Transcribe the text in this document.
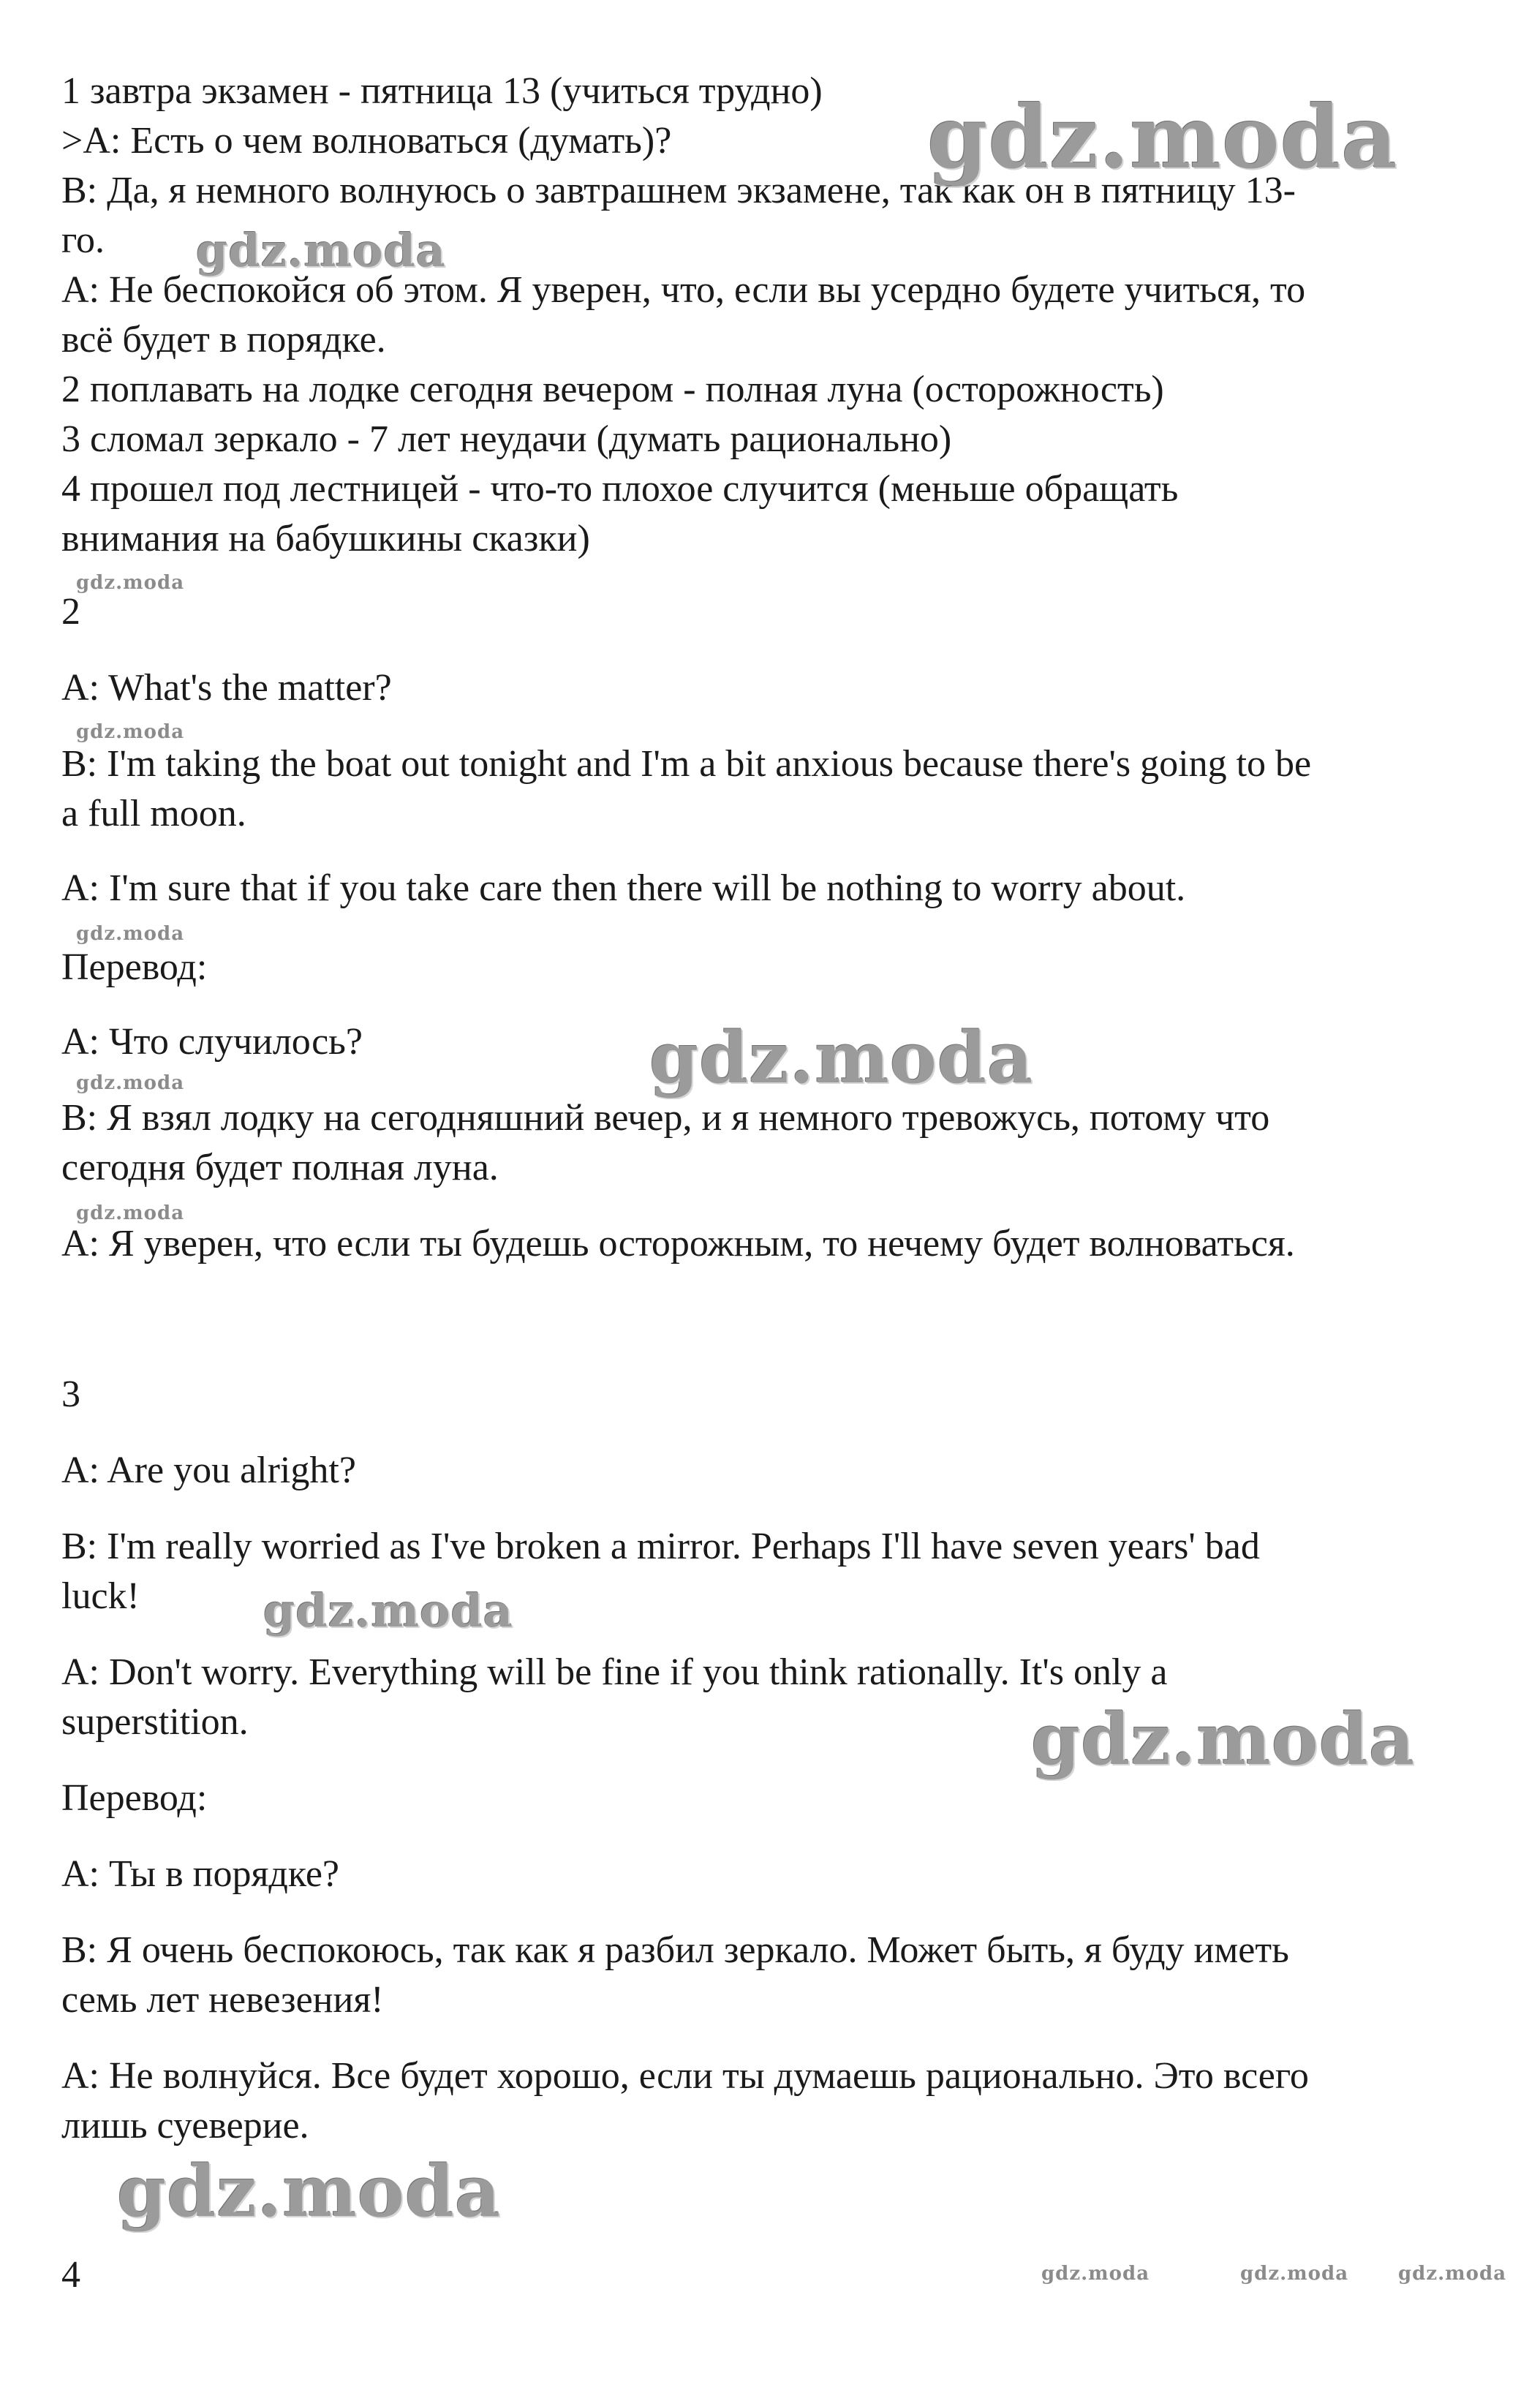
1 завтра экзамен - пятница 13 (учиться трудно)
>А: Есть о чем волноваться (думать)?
В: Да, я немного волнуюсь о завтрашнем экзамене, так как он в пятницу 13-
го.
А: Не беспокойся об этом. Я уверен, что, если вы усердно будете учиться, то
всё будет в порядке.
2 поплавать на лодке сегодня вечером - полная луна (осторожность)
3 сломал зеркало - 7 лет неудачи (думать рационально)
4 прошел под лестницей - что-то плохое случится (меньше обращать
внимания на бабушкины сказки)
2
A: What's the matter?
B: I'm taking the boat out tonight and I'm a bit anxious because there's going to be
a full moon.
A: I'm sure that if you take care then there will be nothing to worry about.
Перевод:
А: Что случилось?
В: Я взял лодку на сегодняшний вечер, и я немного тревожусь, потому что
сегодня будет полная луна.
А: Я уверен, что если ты будешь осторожным, то нечему будет волноваться.
3
A: Are you alright?
B: I'm really worried as I've broken a mirror. Perhaps I'll have seven years' bad
luck!
A: Don't worry. Everything will be fine if you think rationally. It's only a
superstition.
Перевод:
А: Ты в порядке?
В: Я очень беспокоюсь, так как я разбил зеркало. Может быть, я буду иметь
семь лет невезения!
А: Не волнуйся. Все будет хорошо, если ты думаешь рационально. Это всего
лишь суеверие.
4
gdz.moda
gdz.moda
gdz.moda
gdz.moda
gdz.moda
gdz.moda
gdz.moda
gdz.moda
gdz.moda
gdz.moda
gdz.moda
gdz.moda	gdz.moda	gdz.moda
